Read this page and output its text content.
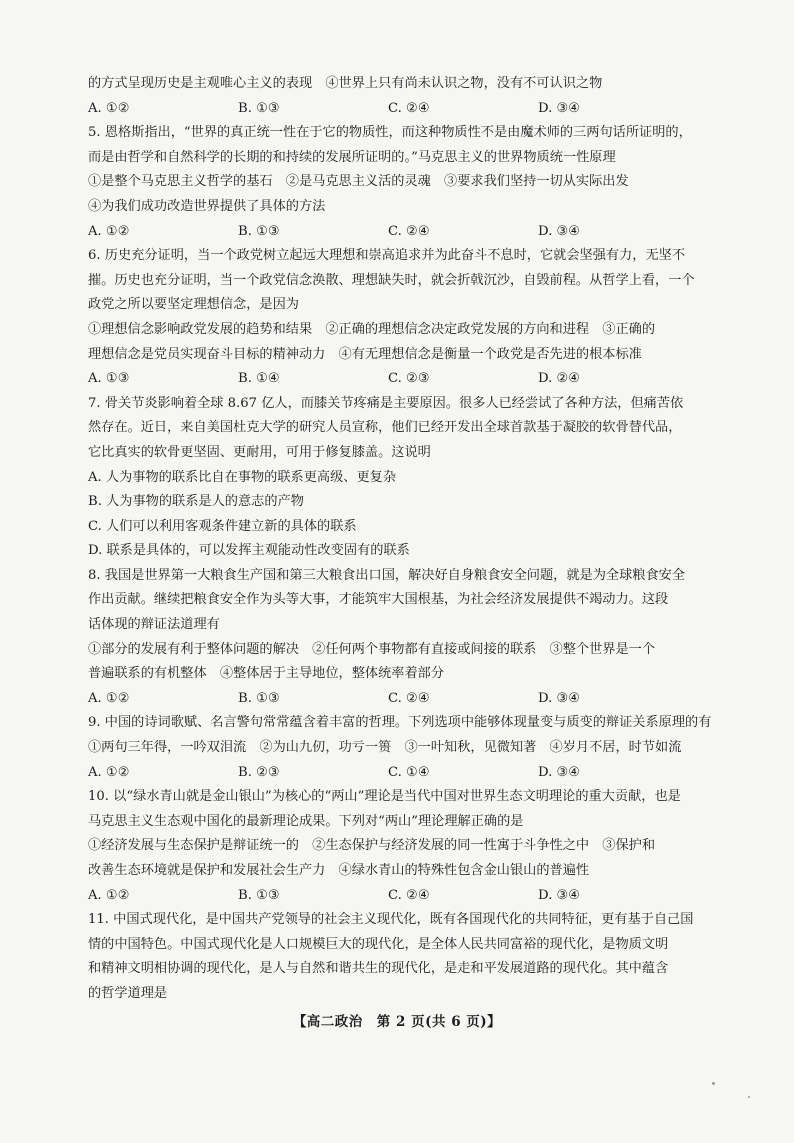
的方式呈现历史是主观唯心主义的表现　④世界上只有尚未认识之物，没有不可认识之物
A. ①②	B. ①③	C. ②④	D. ③④
5. 恩格斯指出，“世界的真正统一性在于它的物质性，而这种物质性不是由魔术师的三两句话所证明的，
而是由哲学和自然科学的长期的和持续的发展所证明的。”马克思主义的世界物质统一性原理
①是整个马克思主义哲学的基石　②是马克思主义活的灵魂　③要求我们坚持一切从实际出发
④为我们成功改造世界提供了具体的方法
A. ①②	B. ①③	C. ②④	D. ③④
6. 历史充分证明，当一个政党树立起远大理想和崇高追求并为此奋斗不息时，它就会坚强有力，无坚不
摧。历史也充分证明，当一个政党信念涣散、理想缺失时，就会折戟沉沙，自毁前程。从哲学上看，一个
政党之所以要坚定理想信念，是因为
①理想信念影响政党发展的趋势和结果　②正确的理想信念决定政党发展的方向和进程　③正确的
理想信念是党员实现奋斗目标的精神动力　④有无理想信念是衡量一个政党是否先进的根本标准
A. ①③	B. ①④	C. ②③	D. ②④
7. 骨关节炎影响着全球 8.67 亿人，而膝关节疼痛是主要原因。很多人已经尝试了各种方法，但痛苦依
然存在。近日，来自美国杜克大学的研究人员宣称，他们已经开发出全球首款基于凝胶的软骨替代品，
它比真实的软骨更坚固、更耐用，可用于修复膝盖。这说明
A. 人为事物的联系比自在事物的联系更高级、更复杂
B. 人为事物的联系是人的意志的产物
C. 人们可以利用客观条件建立新的具体的联系
D. 联系是具体的，可以发挥主观能动性改变固有的联系
8. 我国是世界第一大粮食生产国和第三大粮食出口国，解决好自身粮食安全问题，就是为全球粮食安全
作出贡献。继续把粮食安全作为头等大事，才能筑牢大国根基，为社会经济发展提供不竭动力。这段
话体现的辩证法道理有
①部分的发展有利于整体问题的解决　②任何两个事物都有直接或间接的联系　③整个世界是一个
普遍联系的有机整体　④整体居于主导地位，整体统率着部分
A. ①②	B. ①③	C. ②④	D. ③④
9. 中国的诗词歌赋、名言警句常常蕴含着丰富的哲理。下列选项中能够体现量变与质变的辩证关系原理的有
①两句三年得，一吟双泪流　②为山九仞，功亏一篑　③一叶知秋，见微知著　④岁月不居，时节如流
A. ①②	B. ②③	C. ①④	D. ③④
10. 以“绿水青山就是金山银山”为核心的“两山”理论是当代中国对世界生态文明理论的重大贡献，也是
马克思主义生态观中国化的最新理论成果。下列对“两山”理论理解正确的是
①经济发展与生态保护是辩证统一的　②生态保护与经济发展的同一性寓于斗争性之中　③保护和
改善生态环境就是保护和发展社会生产力　④绿水青山的特殊性包含金山银山的普遍性
A. ①②	B. ①③	C. ②④	D. ③④
11. 中国式现代化，是中国共产党领导的社会主义现代化，既有各国现代化的共同特征，更有基于自己国
情的中国特色。中国式现代化是人口规模巨大的现代化，是全体人民共同富裕的现代化，是物质文明
和精神文明相协调的现代化，是人与自然和谐共生的现代化，是走和平发展道路的现代化。其中蕴含
的哲学道理是
【高二政治　第 2 页(共 6 页)】
